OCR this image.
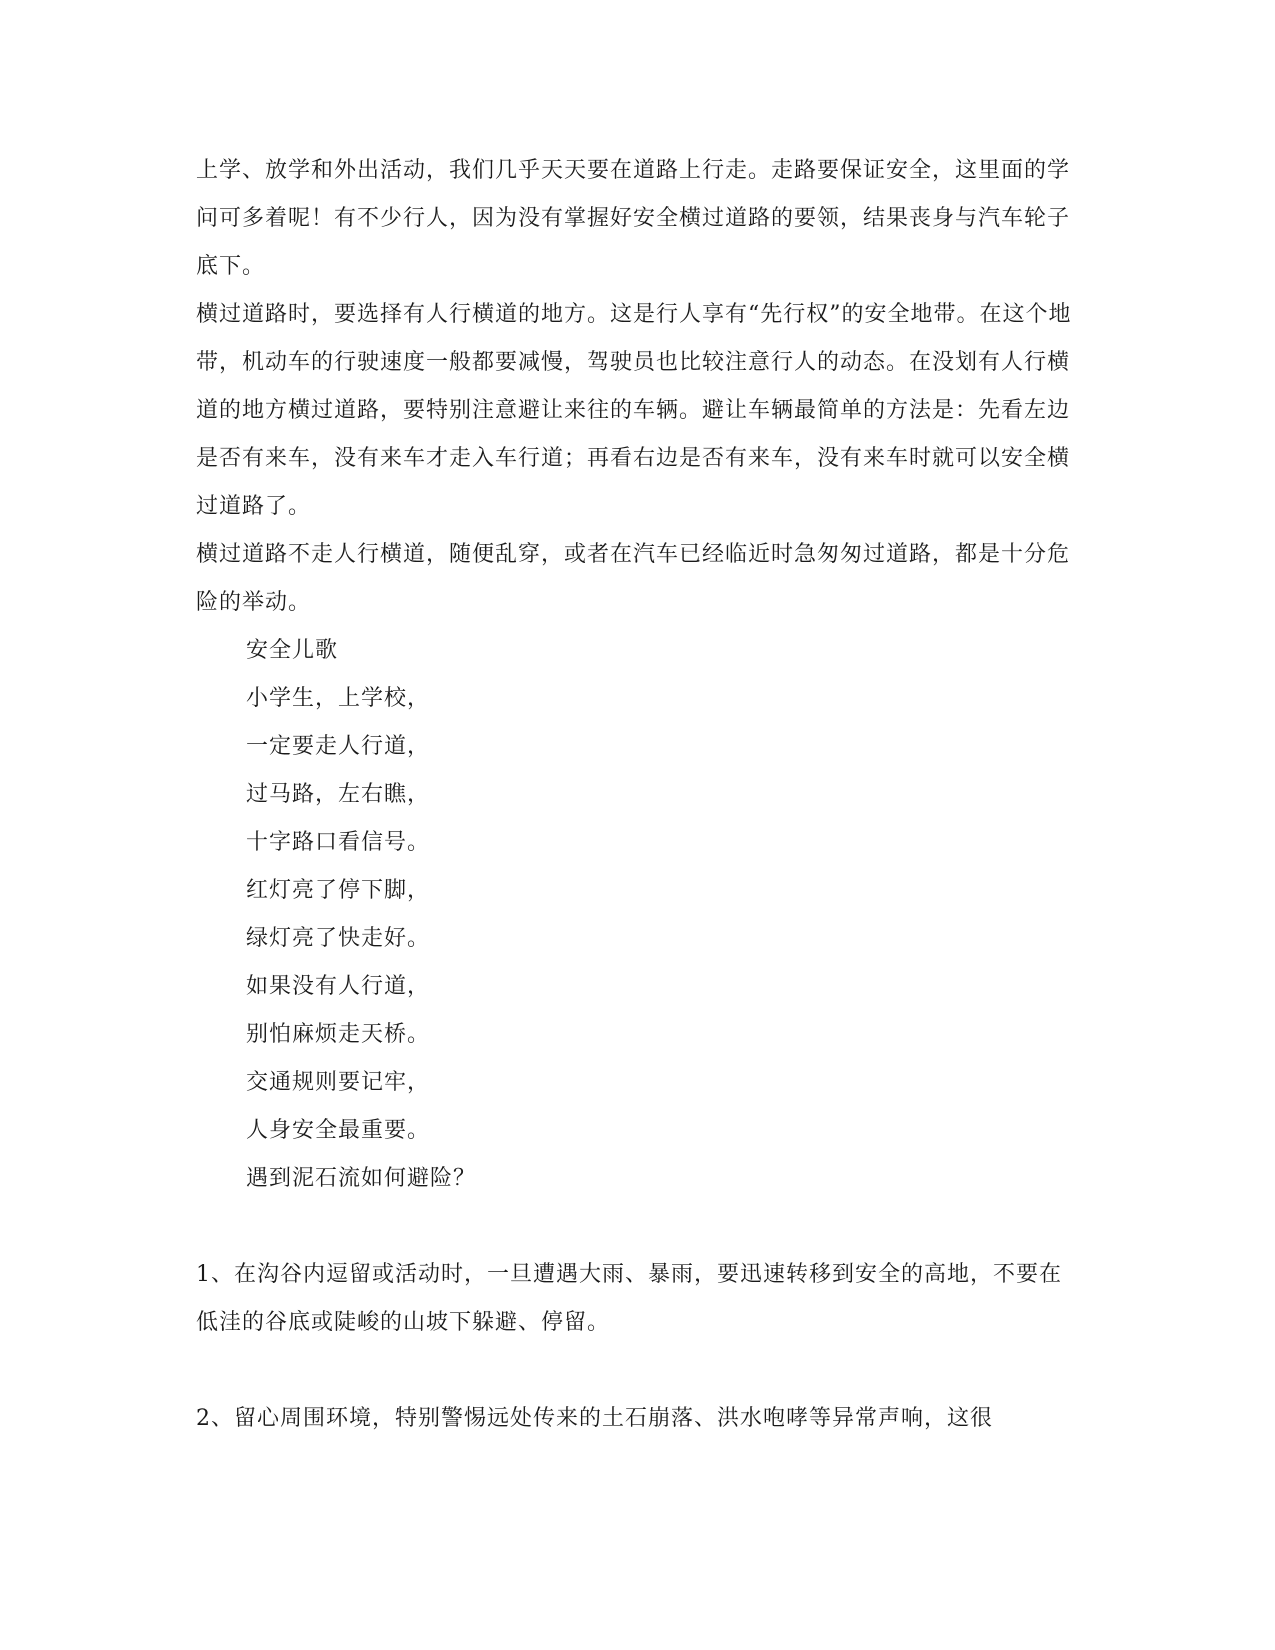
上学、放学和外出活动，我们几乎天天要在道路上行走。走路要保证安全，这里面的学问可多着呢！有不少行人，因为没有掌握好安全横过道路的要领，结果丧身与汽车轮子底下。

横过道路时，要选择有人行横道的地方。这是行人享有“先行权”的安全地带。在这个地带，机动车的行驶速度一般都要减慢，驾驶员也比较注意行人的动态。在没划有人行横道的地方横过道路，要特别注意避让来往的车辆。避让车辆最简单的方法是：先看左边是否有来车，没有来车才走入车行道；再看右边是否有来车，没有来车时就可以安全横过道路了。

横过道路不走人行横道，随便乱穿，或者在汽车已经临近时急匆匆过道路，都是十分危险的举动。

安全儿歌

小学生，上学校，

一定要走人行道，

过马路，左右瞧，

十字路口看信号。

红灯亮了停下脚，

绿灯亮了快走好。

如果没有人行道，

别怕麻烦走天桥。

交通规则要记牢，

人身安全最重要。

遇到泥石流如何避险？

1、在沟谷内逗留或活动时，一旦遭遇大雨、暴雨，要迅速转移到安全的高地，不要在低洼的谷底或陡峻的山坡下躲避、停留。

2、留心周围环境，特别警惕远处传来的土石崩落、洪水咆哮等异常声响，这很
